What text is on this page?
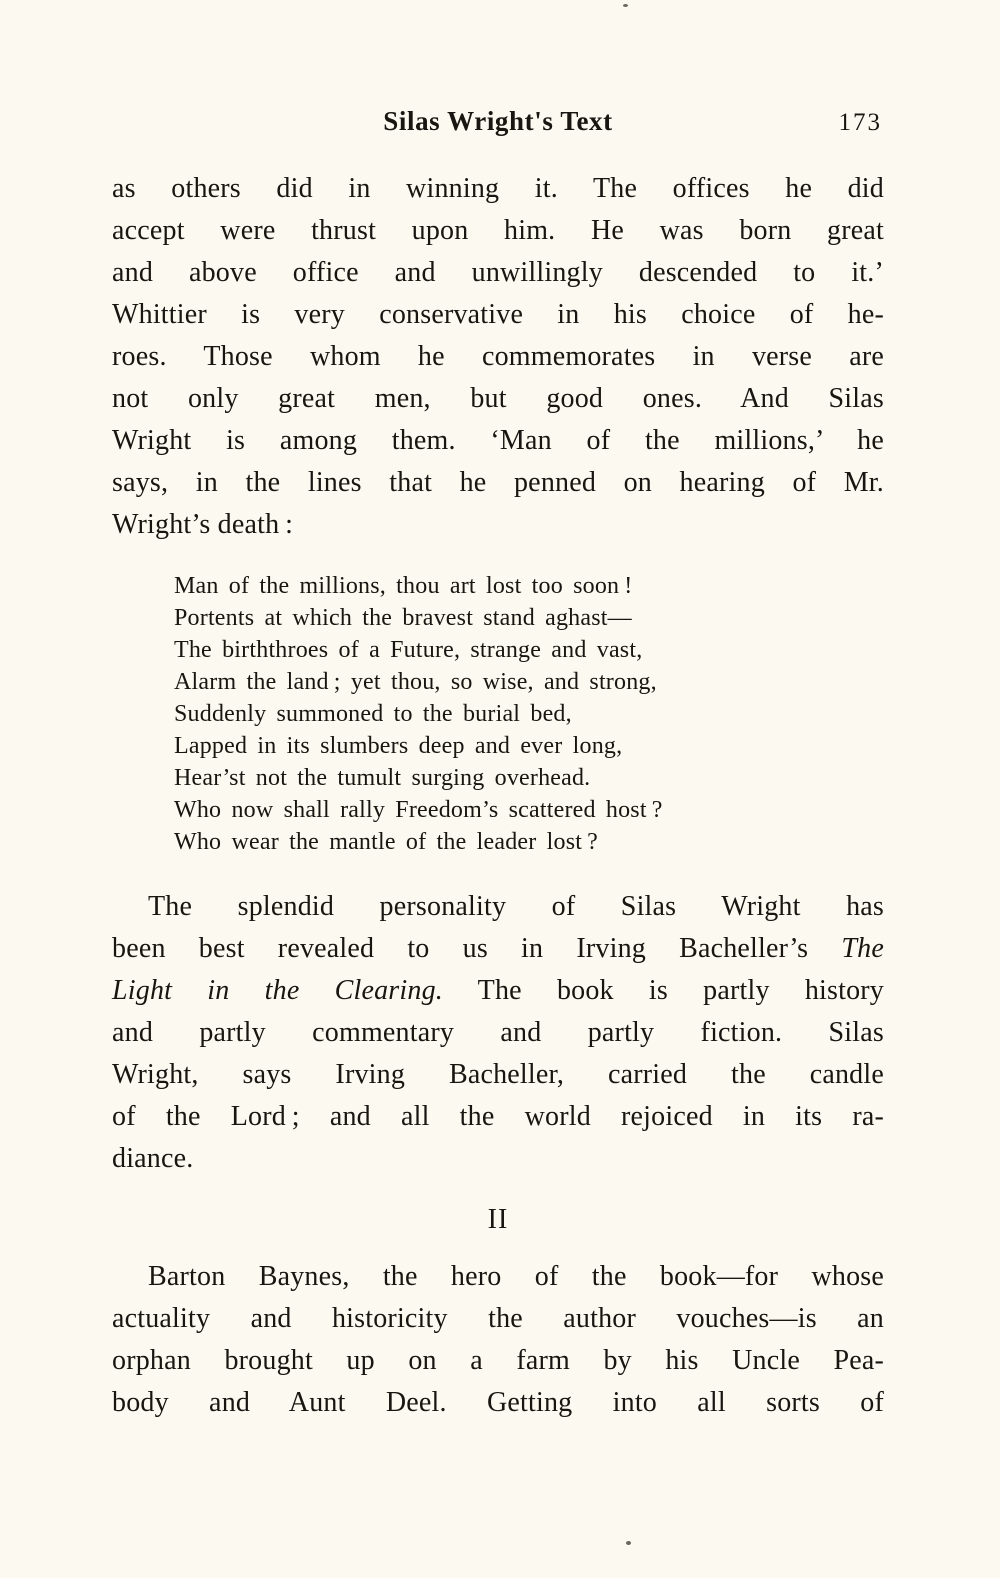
Silas Wright's Text	173
as others did in winning it. The offices he did
accept were thrust upon him. He was born great
and above office and unwillingly descended to it.’
Whittier is very conservative in his choice of he-
roes. Those whom he commemorates in verse are
not only great men, but good ones. And Silas
Wright is among them. ‘Man of the millions,’ he
says, in the lines that he penned on hearing of Mr.
Wright’s death :
Man of the millions, thou art lost too soon !
Portents at which the bravest stand aghast—
The birththroes of a Future, strange and vast,
Alarm the land ; yet thou, so wise, and strong,
Suddenly summoned to the burial bed,
Lapped in its slumbers deep and ever long,
Hear’st not the tumult surging overhead.
Who now shall rally Freedom’s scattered host ?
Who wear the mantle of the leader lost ?
The splendid personality of Silas Wright has
been best revealed to us in Irving Bacheller’s The
Light in the Clearing. The book is partly history
and partly commentary and partly fiction. Silas
Wright, says Irving Bacheller, carried the candle
of the Lord ; and all the world rejoiced in its ra-
diance.
II
Barton Baynes, the hero of the book—for whose
actuality and historicity the author vouches—is an
orphan brought up on a farm by his Uncle Pea-
body and Aunt Deel. Getting into all sorts of
